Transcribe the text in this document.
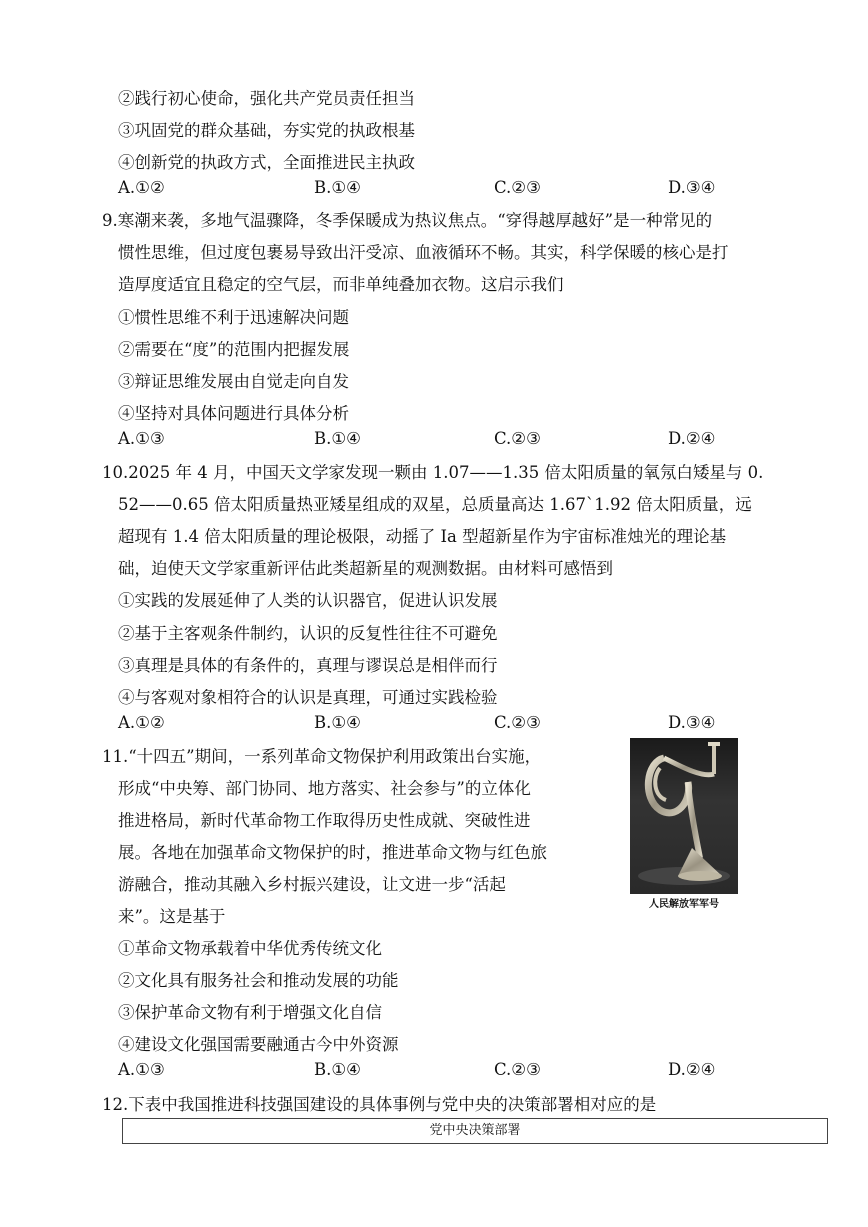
②践行初心使命，强化共产党员责任担当
③巩固党的群众基础，夯实党的执政根基
④创新党的执政方式，全面推进民主执政
A.①②	B.①④	C.②③	D.③④
9.寒潮来袭，多地气温骤降，冬季保暖成为热议焦点。“穿得越厚越好”是一种常见的
惯性思维，但过度包裹易导致出汗受凉、血液循环不畅。其实，科学保暖的核心是打
造厚度适宜且稳定的空气层，而非单纯叠加衣物。这启示我们
①惯性思维不利于迅速解决问题
②需要在“度”的范围内把握发展
③辩证思维发展由自觉走向自发
④坚持对具体问题进行具体分析
A.①③	B.①④	C.②③	D.②④
10.2025 年 4 月，中国天文学家发现一颗由 1.07——1.35 倍太阳质量的氧氖白矮星与 0.
52——0.65 倍太阳质量热亚矮星组成的双星，总质量高达 1.67`1.92 倍太阳质量，远
超现有 1.4 倍太阳质量的理论极限，动摇了 Ia 型超新星作为宇宙标准烛光的理论基
础，迫使天文学家重新评估此类超新星的观测数据。由材料可感悟到
①实践的发展延伸了人类的认识器官，促进认识发展
②基于主客观条件制约，认识的反复性往往不可避免
③真理是具体的有条件的，真理与谬误总是相伴而行
④与客观对象相符合的认识是真理，可通过实践检验
A.①②	B.①④	C.②③	D.③④
11.“十四五”期间，一系列革命文物保护利用政策出台实施，
形成“中央筹、部门协同、地方落实、社会参与”的立体化
推进格局，新时代革命物工作取得历史性成就、突破性进
展。各地在加强革命文物保护的时，推进革命文物与红色旅
游融合，推动其融入乡村振兴建设，让文进一步“活起
来”。这是基于
人民解放军军号
①革命文物承载着中华优秀传统文化
②文化具有服务社会和推动发展的功能
③保护革命文物有利于增强文化自信
④建设文化强国需要融通古今中外资源
A.①③	B.①④	C.②③	D.②④
12.下表中我国推进科技强国建设的具体事例与党中央的决策部署相对应的是
党中央决策部署
